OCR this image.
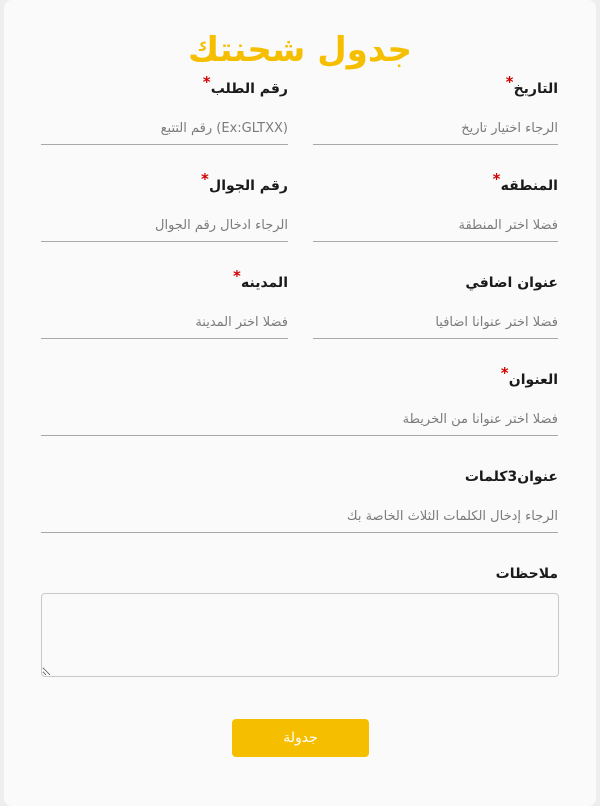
جدول شحنتك
التاريخ
*
الرجاء اختيار تاريخ
رقم الطلب
*
رقم التتبع (Ex:GLTXX)
المنطقه
*
فضلا اختر المنطقة
رقم الجوال
*
الرجاء ادخال رقم الجوال
عنوان اضافي
فضلا اختر عنوانا اضافيا
المدينه
*
فضلا اختر المدينة
العنوان
*
فضلا اختر عنوانا من الخريطة
عنوان3كلمات
الرجاء إدخال الكلمات الثلاث الخاصة بك
ملاحظات
جدولة
